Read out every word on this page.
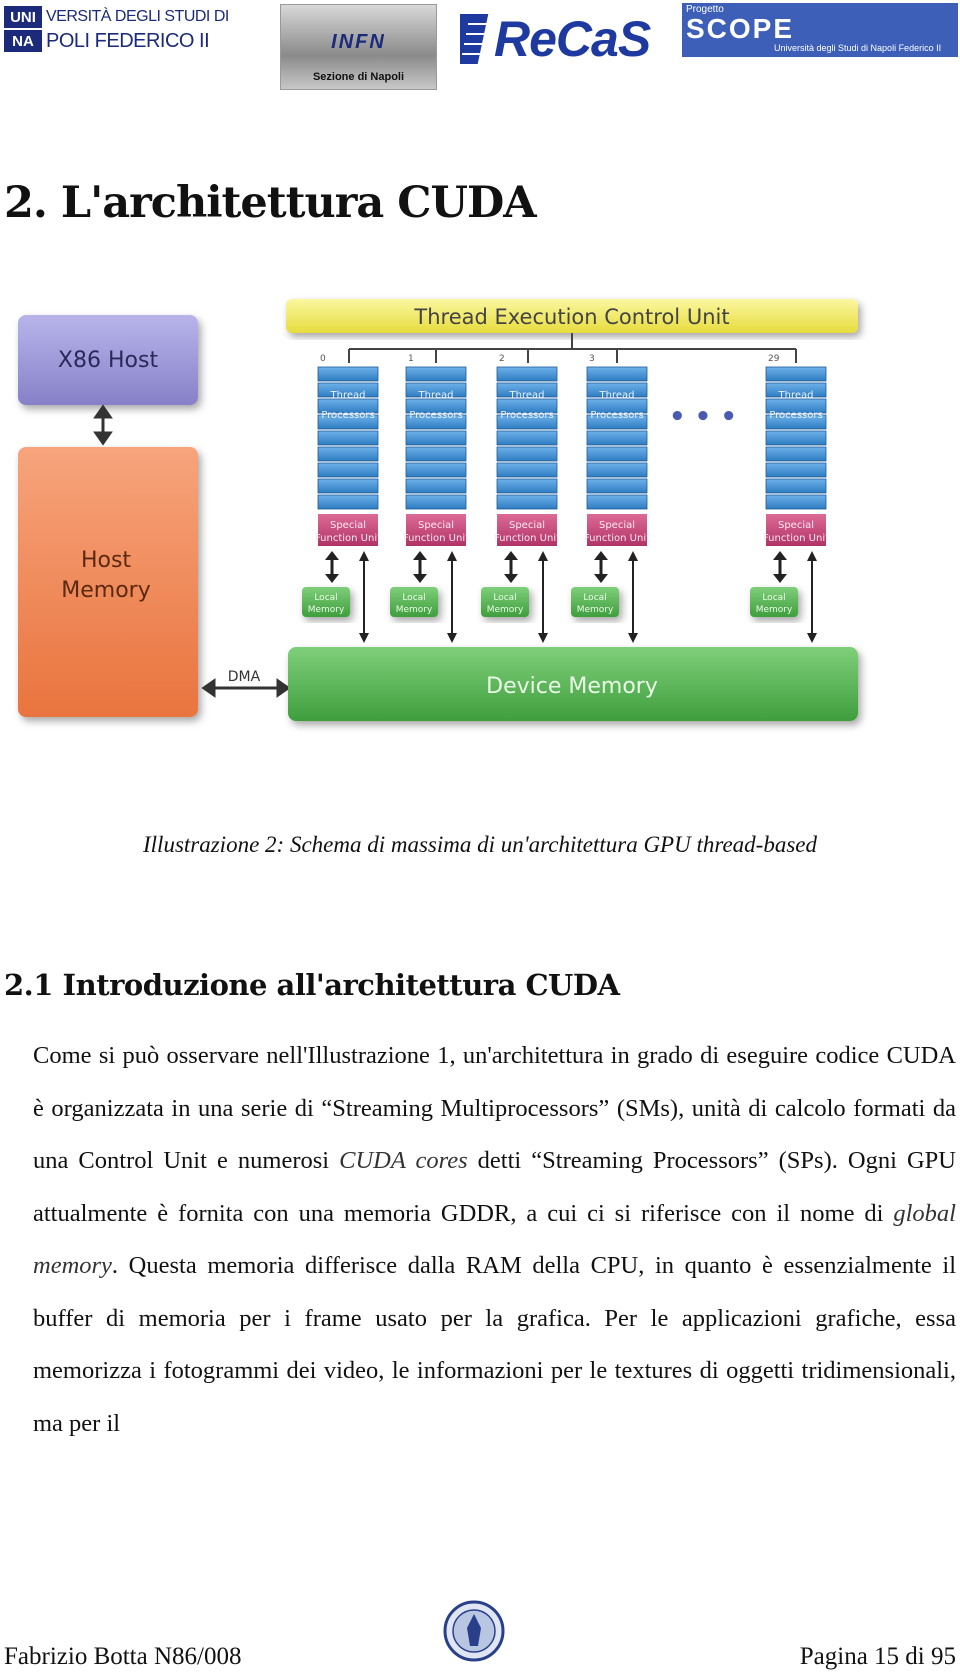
UNI
NA
VERSITÀ DEGLI STUDI DI
POLI FEDERICO II	INFN
Sezione di Napoli
ReCaS
Progetto
SCOPE
Università degli Studi di Napoli Federico II
2. L'architettura CUDA
X86 Host
Host
Memory
DMA
Thread Execution Control Unit
0
Thread
Processors
Special
Function Unit
Local
Memory
1
Thread
Processors
Special
Function Unit
Local
Memory
2
Thread
Processors
Special
Function Unit
Local
Memory
3
Thread
Processors
Special
Function Unit
Local
Memory
29
Thread
Processors
Special
Function Unit
Local
Memory
• • •
Device Memory
Illustrazione 2: Schema di massima di un'architettura GPU thread-based
2.1 Introduzione all'architettura CUDA
Come si può osservare nell'Illustrazione 1, un'architettura in grado di eseguire codice CUDA è organizzata in una serie di “Streaming Multiprocessors” (SMs), unità di calcolo formati da una Control Unit e numerosi CUDA cores detti “Streaming Processors” (SPs). Ogni GPU attualmente è fornita con una memoria GDDR, a cui ci si riferisce con il nome di global memory. Questa memoria differisce dalla RAM della CPU, in quanto è essenzialmente il buffer di memoria per i frame usato per la grafica. Per le applicazioni grafiche, essa memorizza i fotogrammi dei video, le informazioni per le textures di oggetti tridimensionali, ma per il
Fabrizio Botta N86/008	Pagina 15 di 95
